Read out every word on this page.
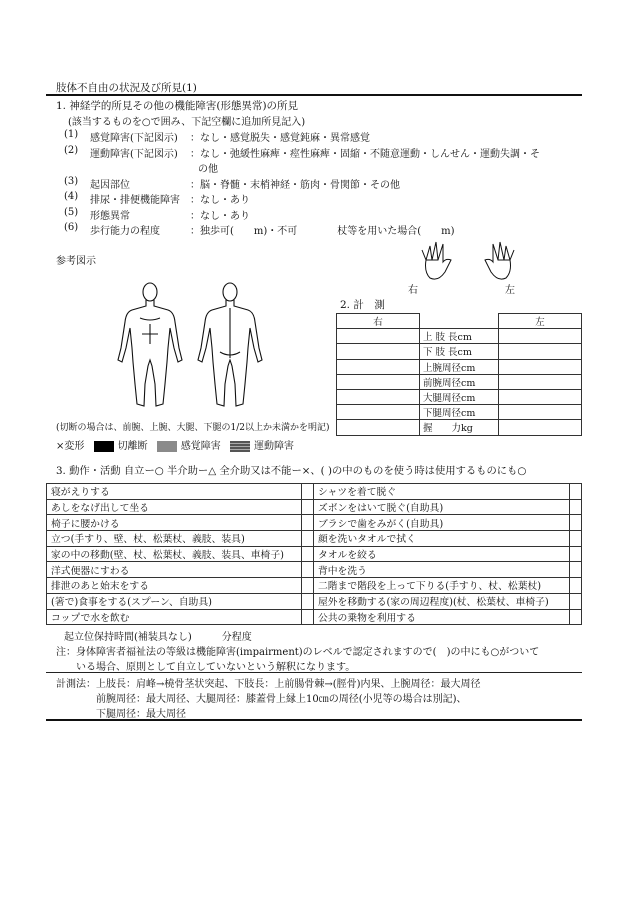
肢体不自由の状況及び所見(1)
1. 神経学的所見その他の機能障害(形態異常)の所見
(該当するものを○で囲み、下記空欄に追加所見記入)
(1) 感覚障害(下記図示) ：なし・感覚脱失・感覚鈍麻・異常感覚
(2) 運動障害(下記図示) ：なし・弛緩性麻痺・痙性麻痺・固縮・不随意運動・しんせん・運動失調・そ
の他
(3) 起因部位	：脳・脊髄・末梢神経・筋肉・骨関節・その他
(4) 排尿・排便機能障害 ：なし・あり
(5) 形態異常	：なし・あり
(6) 歩行能力の程度	：独歩可(　　m)・不可　　　　杖等を用いた場合(　　m)
参考図示
右	左
2. 計　測
右		左
	上 肢 長cm	
	下 肢 長cm	
	上腕周径cm	
	前腕周径cm	
	大腿周径cm	
	下腿周径cm	
	握　　力kg	
(切断の場合は、前腕、上腕、大腿、下腿の1/2以上か未満かを明記)
×変形	切離断	感覚障害	運動障害
3. 動作・活動 自立ー○ 半介助ー△ 全介助又は不能ー×、( )の中のものを使う時は使用するものにも○
寝がえりする		シャツを着て脱ぐ	
あしをなげ出して坐る		ズボンをはいて脱ぐ(自助具)	
椅子に腰かける		ブラシで歯をみがく(自助具)	
立つ(手すり、壁、杖、松葉杖、義肢、装具)		顔を洗いタオルで拭く	
家の中の移動(壁、杖、松葉杖、義肢、装具、車椅子)		タオルを絞る	
洋式便器にすわる		背中を洗う	
排泄のあと始末をする		二階まで階段を上って下りる(手すり、杖、松葉杖)	
(箸で)食事をする(スプーン、自助具)		屋外を移動する(家の周辺程度)(杖、松葉杖、車椅子)	
コップで水を飲む		公共の乗物を利用する	
起立位保持時間(補装具なし)　　　分程度
注：身体障害者福祉法の等級は機能障害(impairment)のレベルで認定されますので(　)の中にも○がついて
いる場合、原則として自立していないという解釈になります。
計測法：上肢長：肩峰→橈骨茎状突起、下肢長：上前腸骨棘→(脛骨)内果、上腕周径：最大周径
前腕周径：最大周径、大腿周径：膝蓋骨上縁上10㎝の周径(小児等の場合は別記)、
下腿周径：最大周径
